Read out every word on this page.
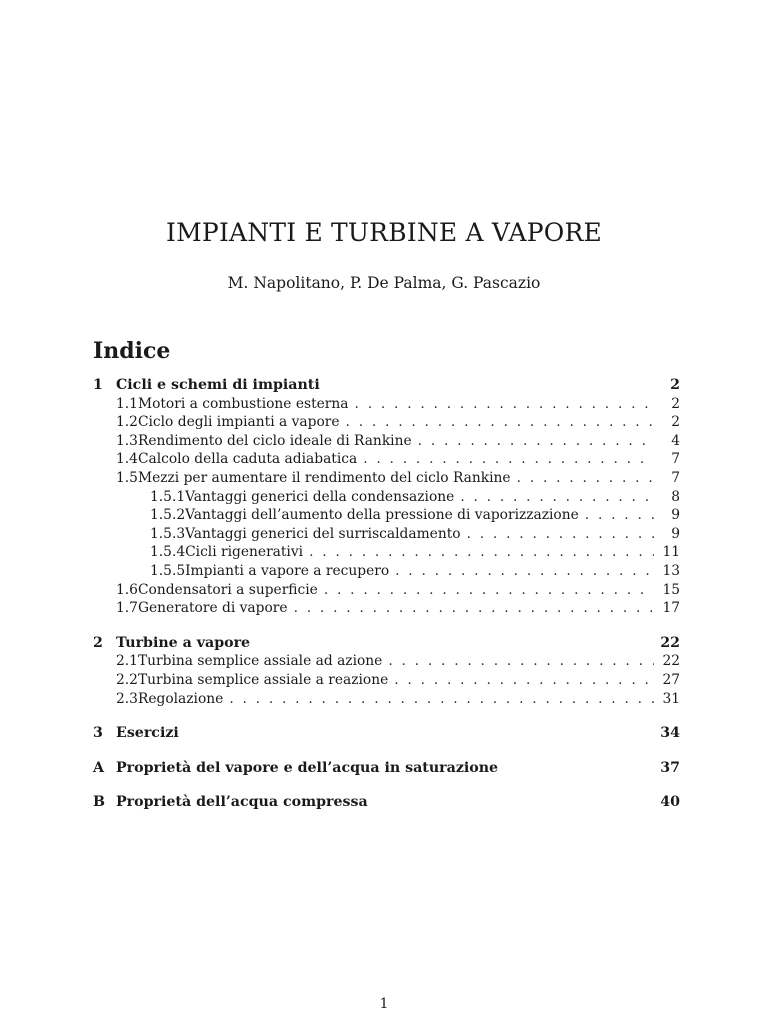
IMPIANTI E TURBINE A VAPORE
M. Napolitano, P. De Palma, G. Pascazio
Indice
1 Cicli e schemi di impianti	2
1.1 Motori a combustione esterna . . .	2
1.2 Ciclo degli impianti a vapore . . .	2
1.3 Rendimento del ciclo ideale di Rankine . . .	4
1.4 Calcolo della caduta adiabatica . . .	7
1.5 Mezzi per aumentare il rendimento del ciclo Rankine . . .	7
1.5.1 Vantaggi generici della condensazione . . .	8
1.5.2 Vantaggi dell’aumento della pressione di vaporizzazione . . .	9
1.5.3 Vantaggi generici del surriscaldamento . . .	9
1.5.4 Cicli rigenerativi . . .	11
1.5.5 Impianti a vapore a recupero . . .	13
1.6 Condensatori a superficie . . .	15
1.7 Generatore di vapore . . .	17
2 Turbine a vapore	22
2.1 Turbina semplice assiale ad azione . . .	22
2.2 Turbina semplice assiale a reazione . . .	27
2.3 Regolazione . . .	31
3 Esercizi	34
A Proprietà del vapore e dell’acqua in saturazione	37
B Proprietà dell’acqua compressa	40
1
